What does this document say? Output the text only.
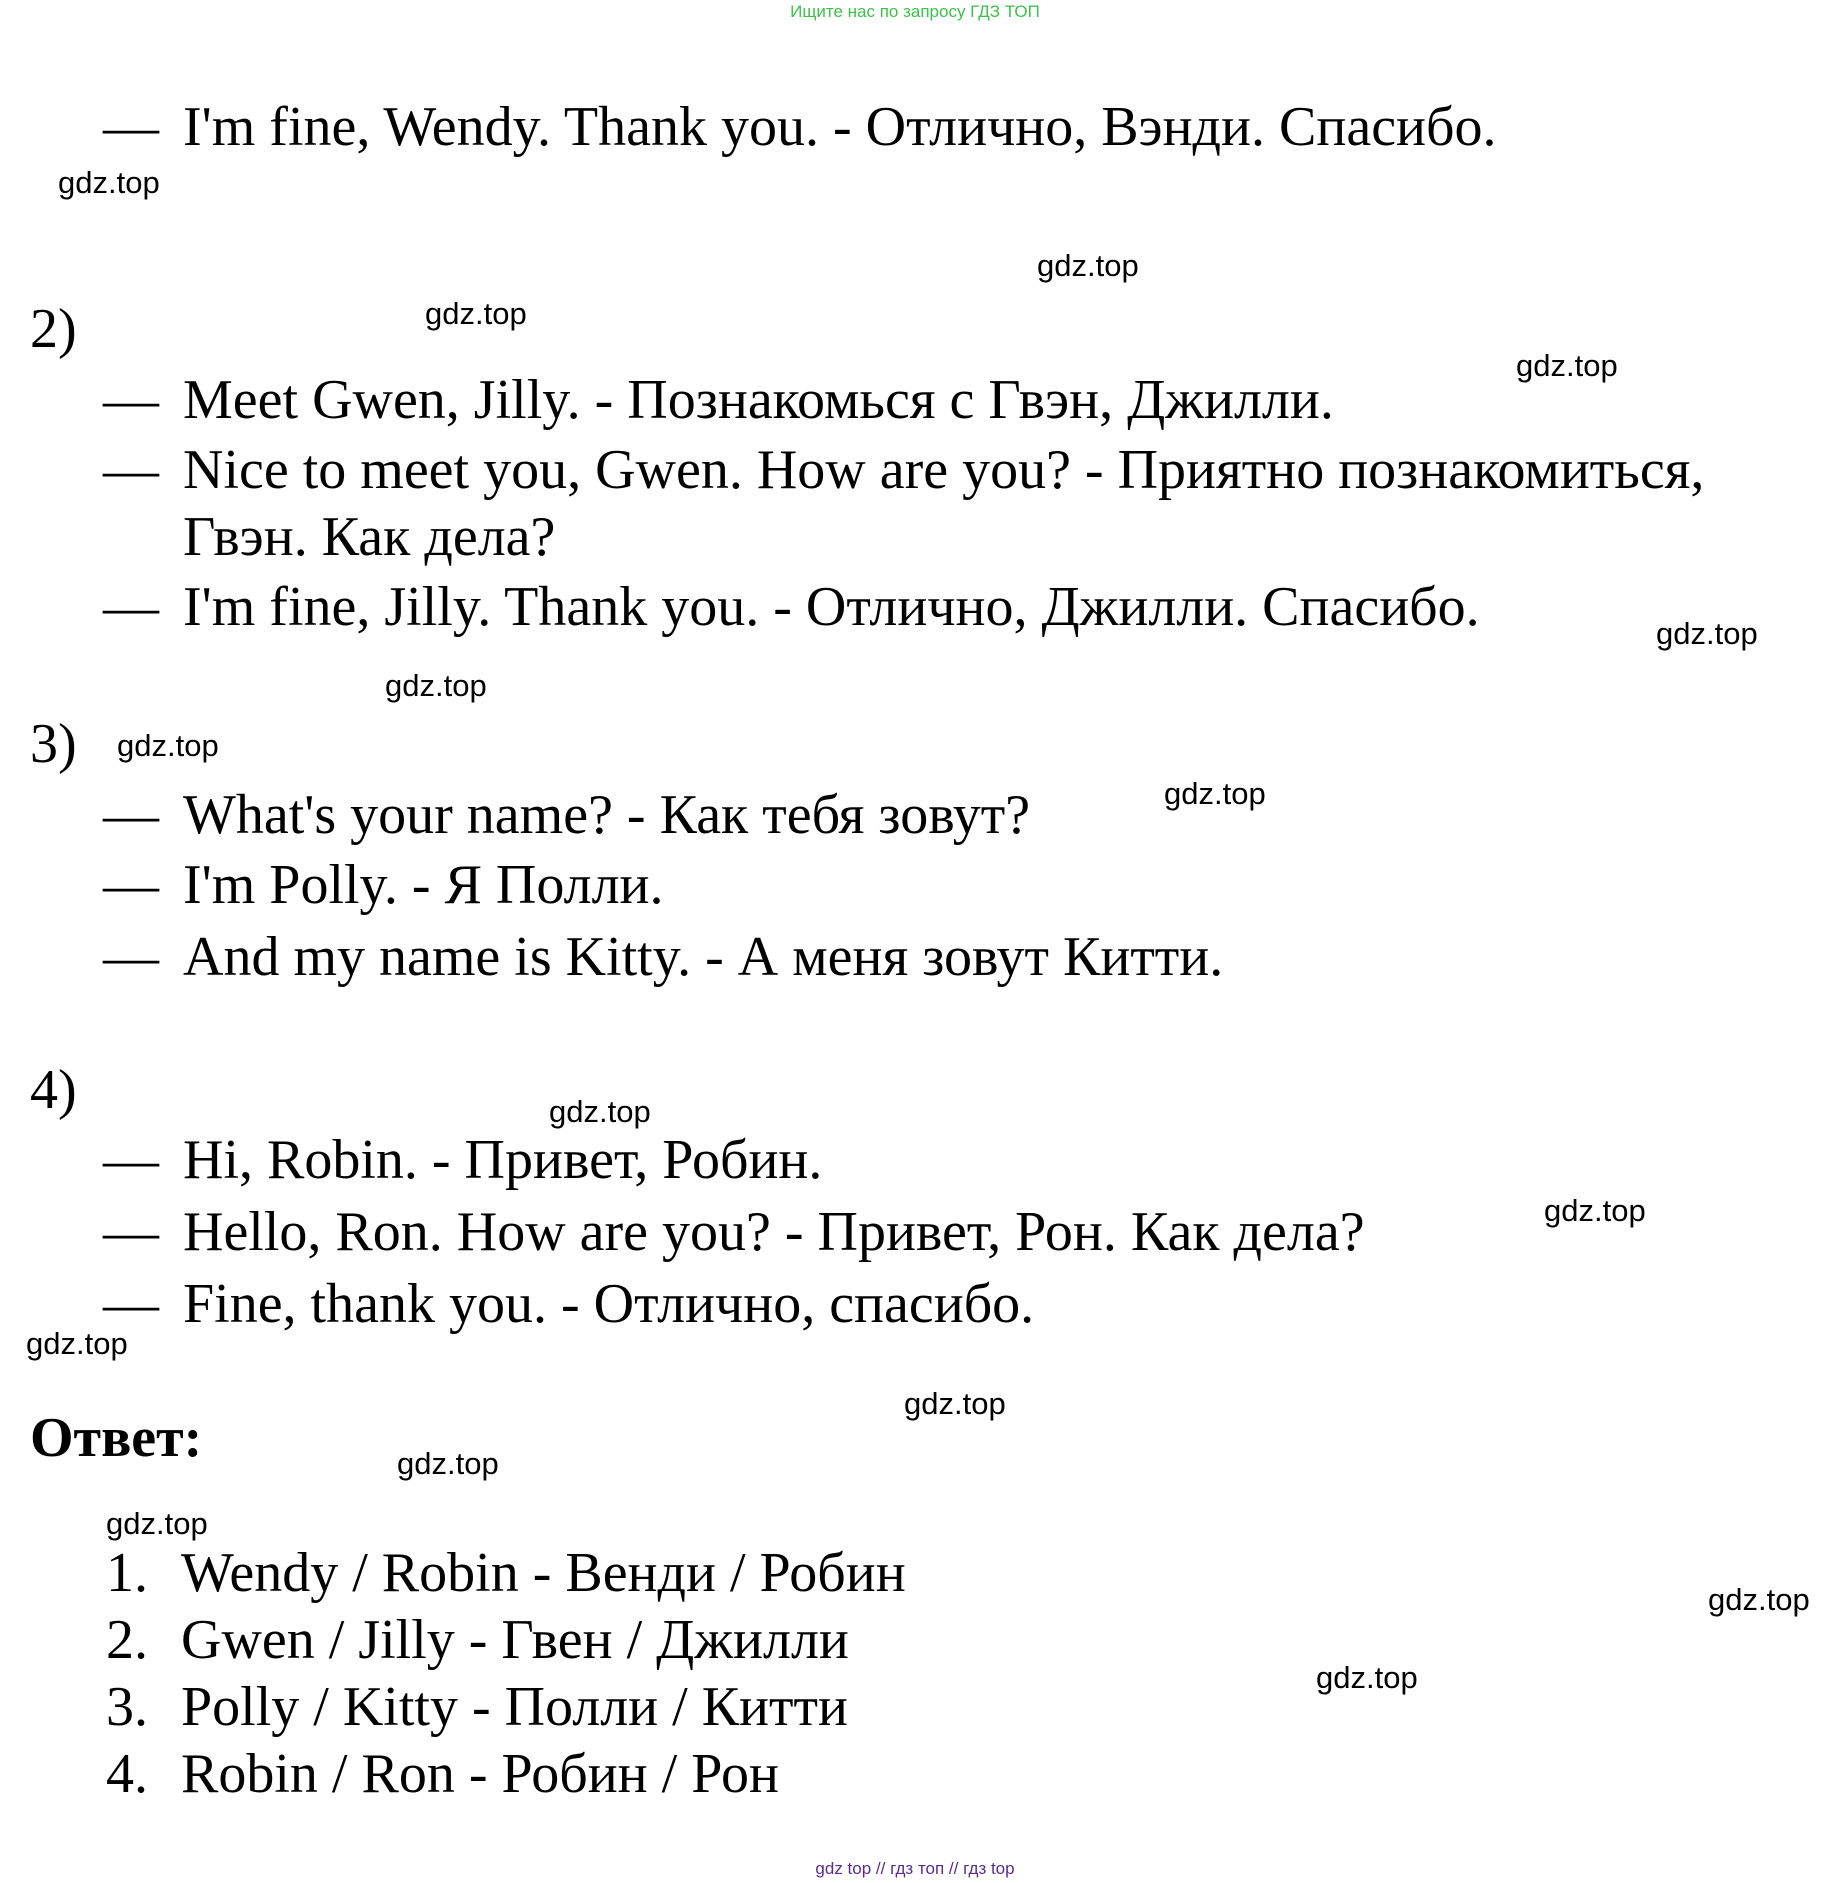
Ищите нас по запросу ГДЗ ТОП
— I'm fine, Wendy. Thank you. - Отлично, Вэнди. Спасибо.
2)
— Meet Gwen, Jilly. - Познакомься с Гвэн, Джилли.
— Nice to meet you, Gwen. How are you? - Приятно познакомиться,
Гвэн. Как дела?
— I'm fine, Jilly. Thank you. - Отлично, Джилли. Спасибо.
3)
— What's your name? - Как тебя зовут?
— I'm Polly. - Я Полли.
— And my name is Kitty. - А меня зовут Китти.
4)
— Hi, Robin. - Привет, Робин.
— Hello, Ron. How are you? - Привет, Рон. Как дела?
— Fine, thank you. - Отлично, спасибо.
Ответ:
1. Wendy / Robin - Венди / Робин
2. Gwen / Jilly - Гвен / Джилли
3. Polly / Kitty - Полли / Китти
4. Robin / Ron - Робин / Рон
gdz.top
gdz.top
gdz.top
gdz.top
gdz.top
gdz.top
gdz.top
gdz.top
gdz.top
gdz.top
gdz.top
gdz.top
gdz.top
gdz.top
gdz.top
gdz.top
gdz top // гдз топ // гдз top
